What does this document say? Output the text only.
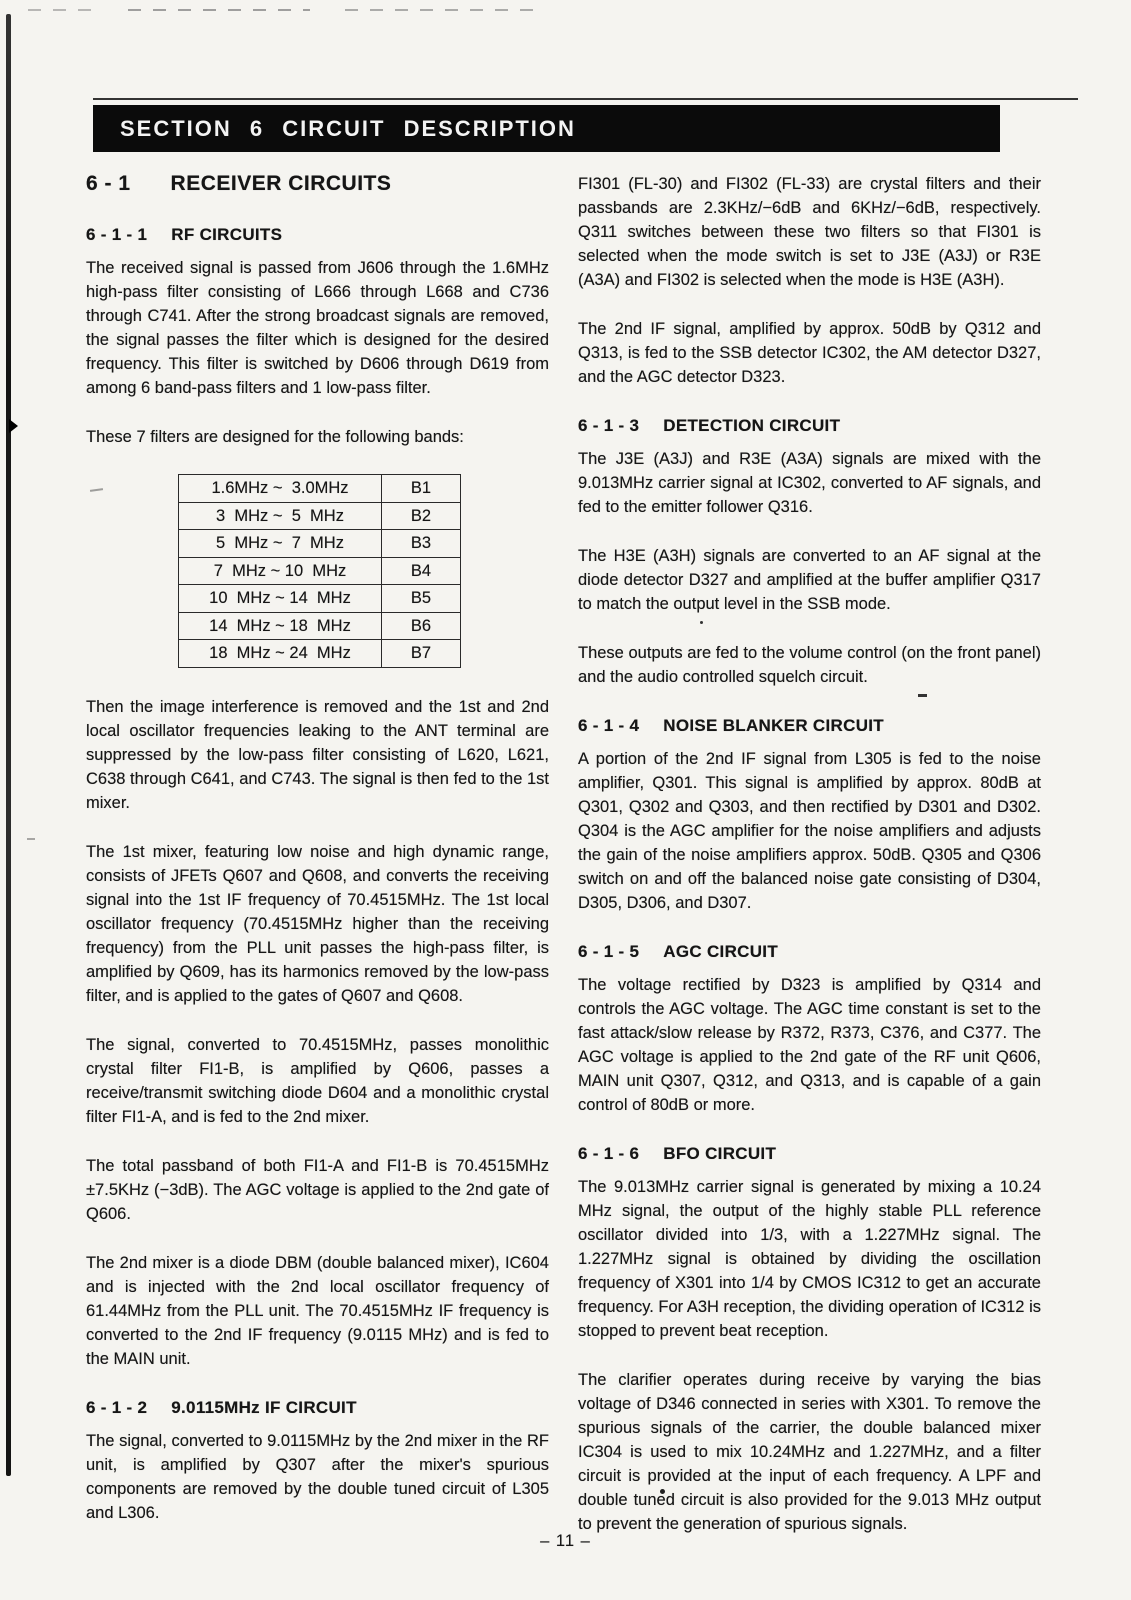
SECTION 6 CIRCUIT DESCRIPTION
6 - 1 RECEIVER CIRCUITS
6 - 1 - 1 RF CIRCUITS

The received signal is passed from J606 through the 1.6MHz high-pass filter consisting of L666 through L668 and C736 through C741. After the strong broadcast signals are removed, the signal passes the filter which is designed for the desired frequency. This filter is switched by D606 through D619 from among 6 band-pass filters and 1 low-pass filter.

These 7 filters are designed for the following bands:

1.6MHz ~  3.0MHz	B1
3  MHz ~  5  MHz	B2
5  MHz ~  7  MHz	B3
7  MHz ~ 10  MHz	B4
10  MHz ~ 14  MHz	B5
14  MHz ~ 18  MHz	B6
18  MHz ~ 24  MHz	B7

Then the image interference is removed and the 1st and 2nd local oscillator frequencies leaking to the ANT terminal are suppressed by the low-pass filter consisting of L620, L621, C638 through C641, and C743. The signal is then fed to the 1st mixer.

The 1st mixer, featuring low noise and high dynamic range, consists of JFETs Q607 and Q608, and converts the receiving signal into the 1st IF frequency of 70.4515MHz. The 1st local oscillator frequency (70.4515MHz higher than the receiving frequency) from the PLL unit passes the high-pass filter, is amplified by Q609, has its harmonics removed by the low-pass filter, and is applied to the gates of Q607 and Q608.

The signal, converted to 70.4515MHz, passes monolithic crystal filter FI1-B, is amplified by Q606, passes a receive/transmit switching diode D604 and a monolithic crystal filter FI1-A, and is fed to the 2nd mixer.

The total passband of both FI1-A and FI1-B is 70.4515MHz ±7.5KHz (−3dB). The AGC voltage is applied to the 2nd gate of Q606.

The 2nd mixer is a diode DBM (double balanced mixer), IC604 and is injected with the 2nd local oscillator frequency of 61.44MHz from the PLL unit. The 70.4515MHz IF frequency is converted to the 2nd IF frequency (9.0115 MHz) and is fed to the MAIN unit.

6 - 1 - 2 9.0115MHz IF CIRCUIT

The signal, converted to 9.0115MHz by the 2nd mixer in the RF unit, is amplified by Q307 after the mixer's spurious components are removed by the double tuned circuit of L305 and L306.

FI301 (FL-30) and FI302 (FL-33) are crystal filters and their passbands are 2.3KHz/−6dB and 6KHz/−6dB, respectively. Q311 switches between these two filters so that FI301 is selected when the mode switch is set to J3E (A3J) or R3E (A3A) and FI302 is selected when the mode is H3E (A3H).

The 2nd IF signal, amplified by approx. 50dB by Q312 and Q313, is fed to the SSB detector IC302, the AM detector D327, and the AGC detector D323.

6 - 1 - 3 DETECTION CIRCUIT

The J3E (A3J) and R3E (A3A) signals are mixed with the 9.013MHz carrier signal at IC302, converted to AF signals, and fed to the emitter follower Q316.

The H3E (A3H) signals are converted to an AF signal at the diode detector D327 and amplified at the buffer amplifier Q317 to match the output level in the SSB mode.

These outputs are fed to the volume control (on the front panel) and the audio controlled squelch circuit.

6 - 1 - 4 NOISE BLANKER CIRCUIT

A portion of the 2nd IF signal from L305 is fed to the noise amplifier, Q301. This signal is amplified by approx. 80dB at Q301, Q302 and Q303, and then rectified by D301 and D302. Q304 is the AGC amplifier for the noise amplifiers and adjusts the gain of the noise amplifiers approx. 50dB. Q305 and Q306 switch on and off the balanced noise gate consisting of D304, D305, D306, and D307.

6 - 1 - 5 AGC CIRCUIT

The voltage rectified by D323 is amplified by Q314 and controls the AGC voltage. The AGC time constant is set to the fast attack/slow release by R372, R373, C376, and C377. The AGC voltage is applied to the 2nd gate of the RF unit Q606, MAIN unit Q307, Q312, and Q313, and is capable of a gain control of 80dB or more.

6 - 1 - 6 BFO CIRCUIT

The 9.013MHz carrier signal is generated by mixing a 10.24 MHz signal, the output of the highly stable PLL reference oscillator divided into 1/3, with a 1.227MHz signal. The 1.227MHz signal is obtained by dividing the oscillation frequency of X301 into 1/4 by CMOS IC312 to get an accurate frequency. For A3H reception, the dividing operation of IC312 is stopped to prevent beat reception.

The clarifier operates during receive by varying the bias voltage of D346 connected in series with X301. To remove the spurious signals of the carrier, the double balanced mixer IC304 is used to mix 10.24MHz and 1.227MHz, and a filter circuit is provided at the input of each frequency. A LPF and double tuned circuit is also provided for the 9.013 MHz output to prevent the generation of spurious signals.

– 11 –
